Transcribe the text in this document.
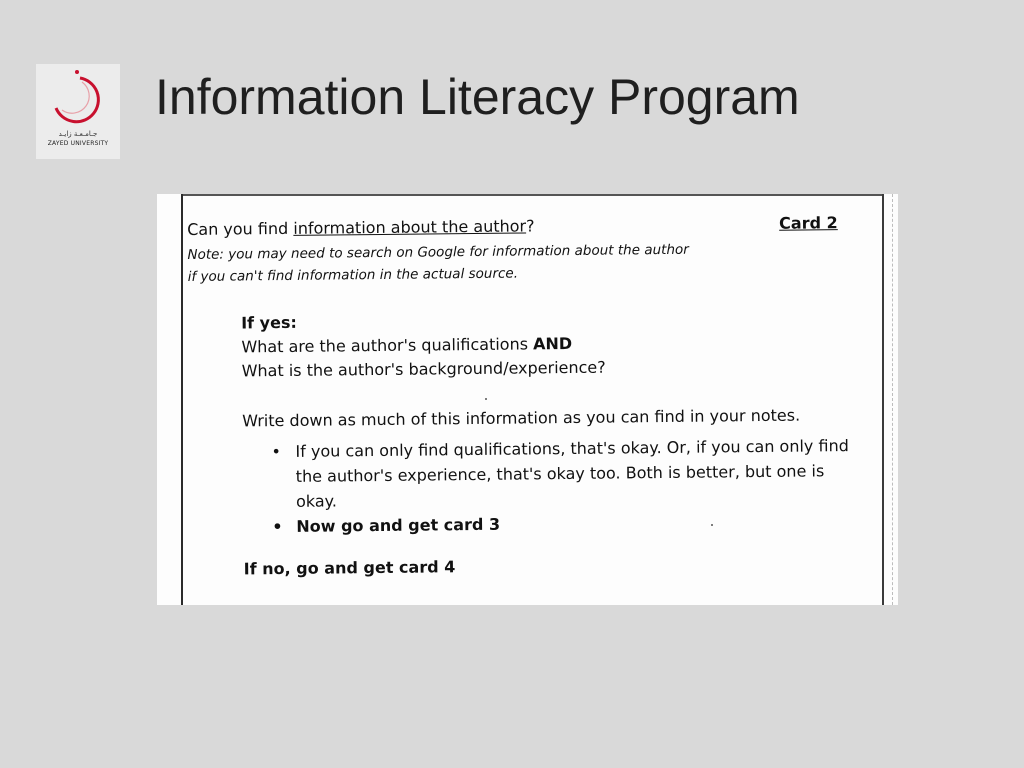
جـامـعـة زايـد
ZAYED UNIVERSITY
Information Literacy Program
Can you find information about the author?	Card 2
Note: you may need to search on Google for information about the author
if you can't find information in the actual source.
If yes:
What are the author's qualifications AND
What is the author's background/experience?
Write down as much of this information as you can find in your notes.
• If you can only find qualifications, that's okay. Or, if you can only find the author's experience, that's okay too. Both is better, but one is okay.
• Now go and get card 3
If no, go and get card 4
